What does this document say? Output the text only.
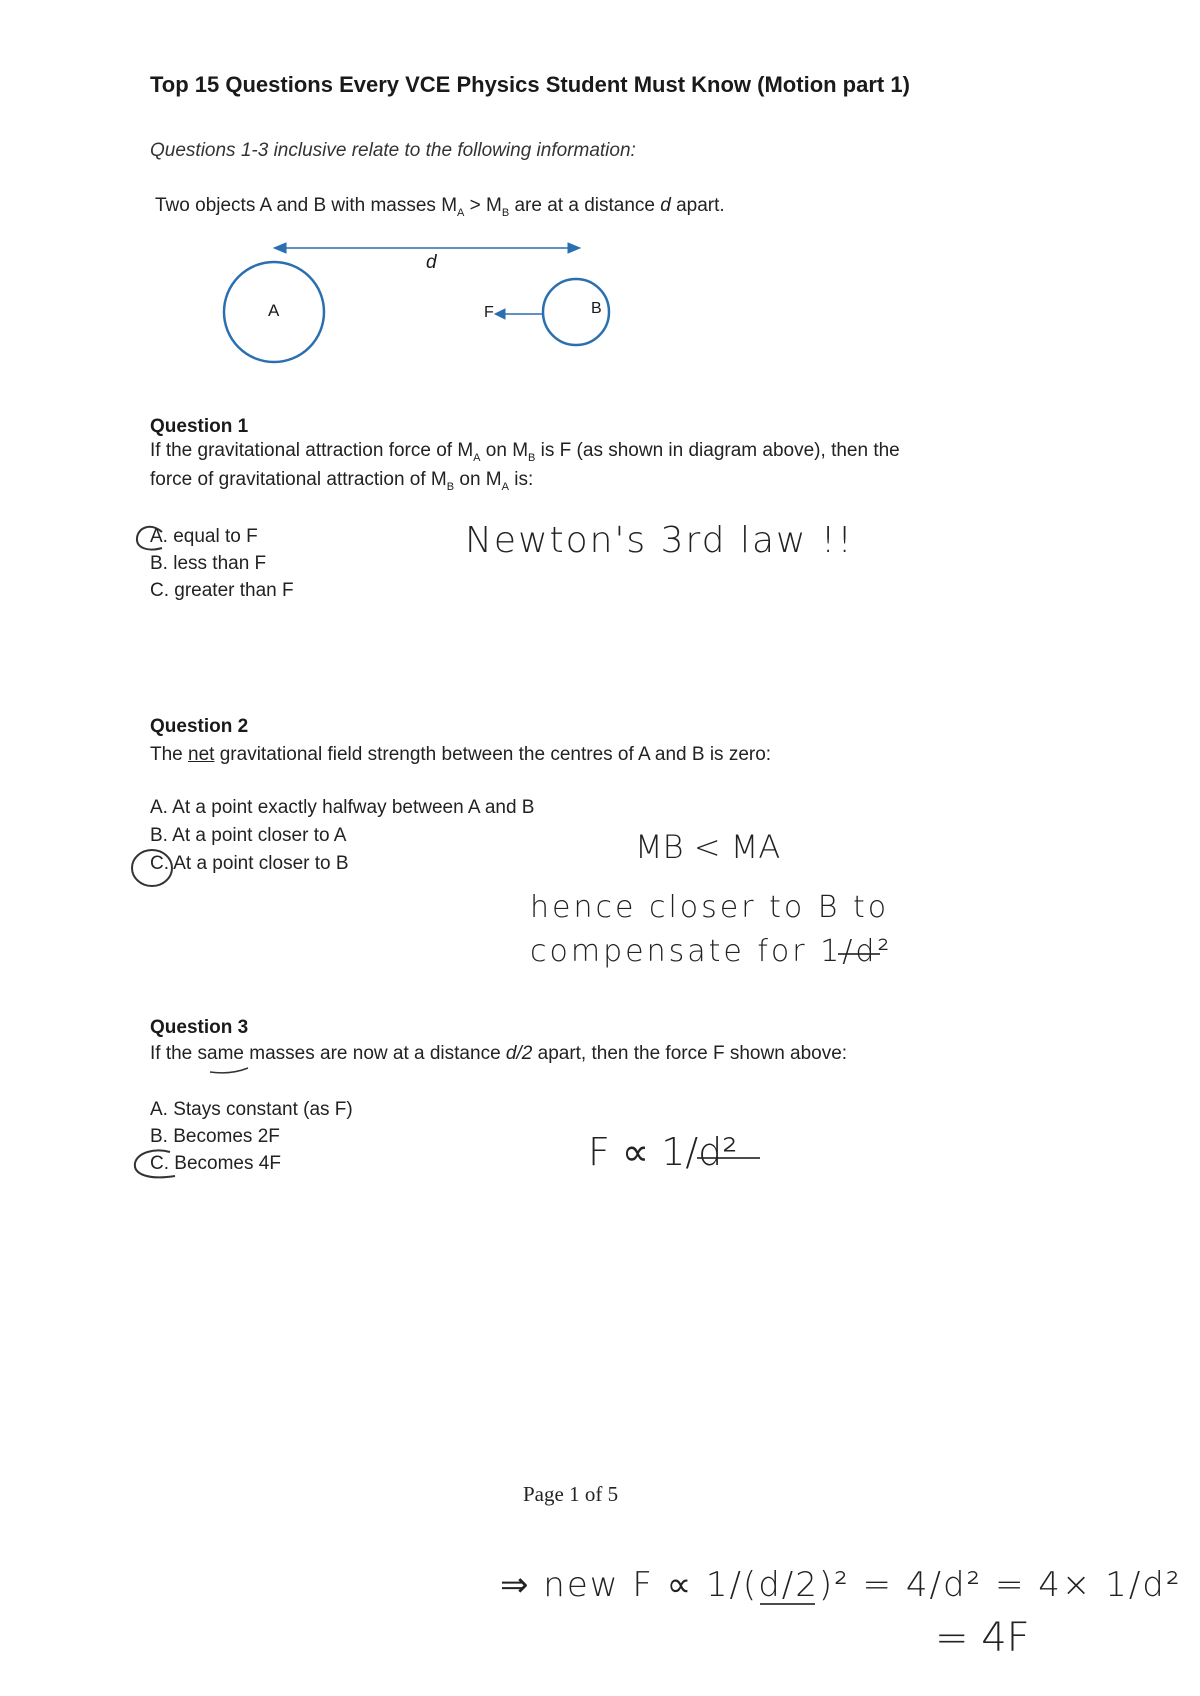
Top 15 Questions Every VCE Physics Student Must Know (Motion part 1)
Questions 1-3 inclusive relate to the following information:
Two objects A and B with masses $M_A > M_B$ are at a distance d apart.
d
A	B
F
Question 1
If the gravitational attraction force of $M_A$ on $M_B$ is F (as shown in diagram above), then the
force of gravitational attraction of $M_B$ on $M_A$ is:
A. equal to F
B. less than F
C. greater than F
Newton's 3rd law !!
Question 2
The net gravitational field strength between the centres of A and B is zero:
A. At a point exactly halfway between A and B
B. At a point closer to A
C. At a point closer to B	MB < MA
hence closer to B to
compensate for 1/d²
Question 3
If the same masses are now at a distance d/2 apart, then the force F shown above:
A. Stays constant (as F)
B. Becomes 2F
C. Becomes 4F	F ∝ 1/d²
⇒ new F ∝ 1/(d/2)² = 4/d² = 4× 1/d²
= 4F
Page 1 of 5
